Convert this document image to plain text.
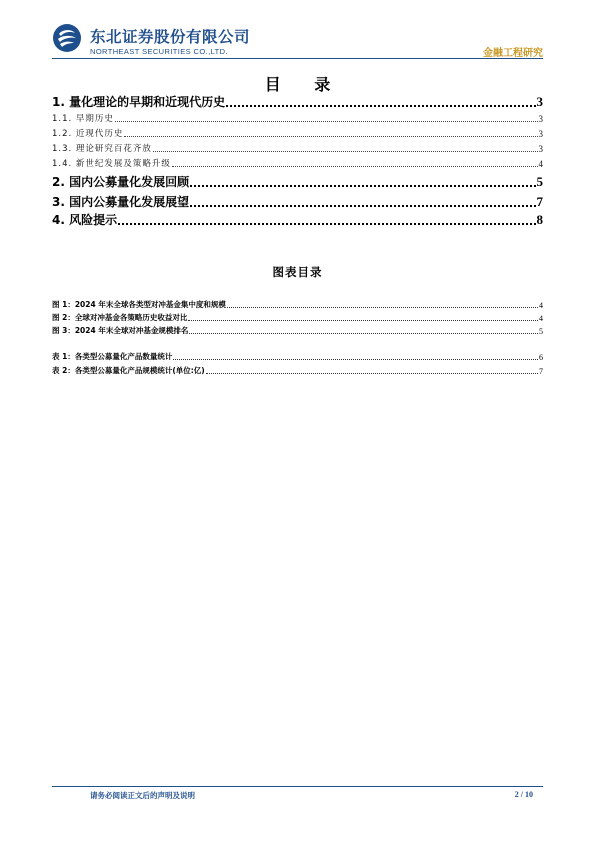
东北证券股份有限公司
NORTHEAST SECURITIES CO.,LTD.	金融工程研究
目 录
1. 量化理论的早期和近现代历史	3
1.1. 早期历史	3
1.2. 近现代历史	3
1.3. 理论研究百花齐放	3
1.4. 新世纪发展及策略升级	4
2. 国内公募量化发展回顾	5
3. 国内公募量化发展展望	7
4. 风险提示	8
图表目录
图 1：2024 年末全球各类型对冲基金集中度和规模	4
图 2：全球对冲基金各策略历史收益对比	4
图 3：2024 年末全球对冲基金规模排名	5
表 1：各类型公募量化产品数量统计	6
表 2：各类型公募量化产品规模统计(单位:亿)	7
请务必阅读正文后的声明及说明	2 / 10
